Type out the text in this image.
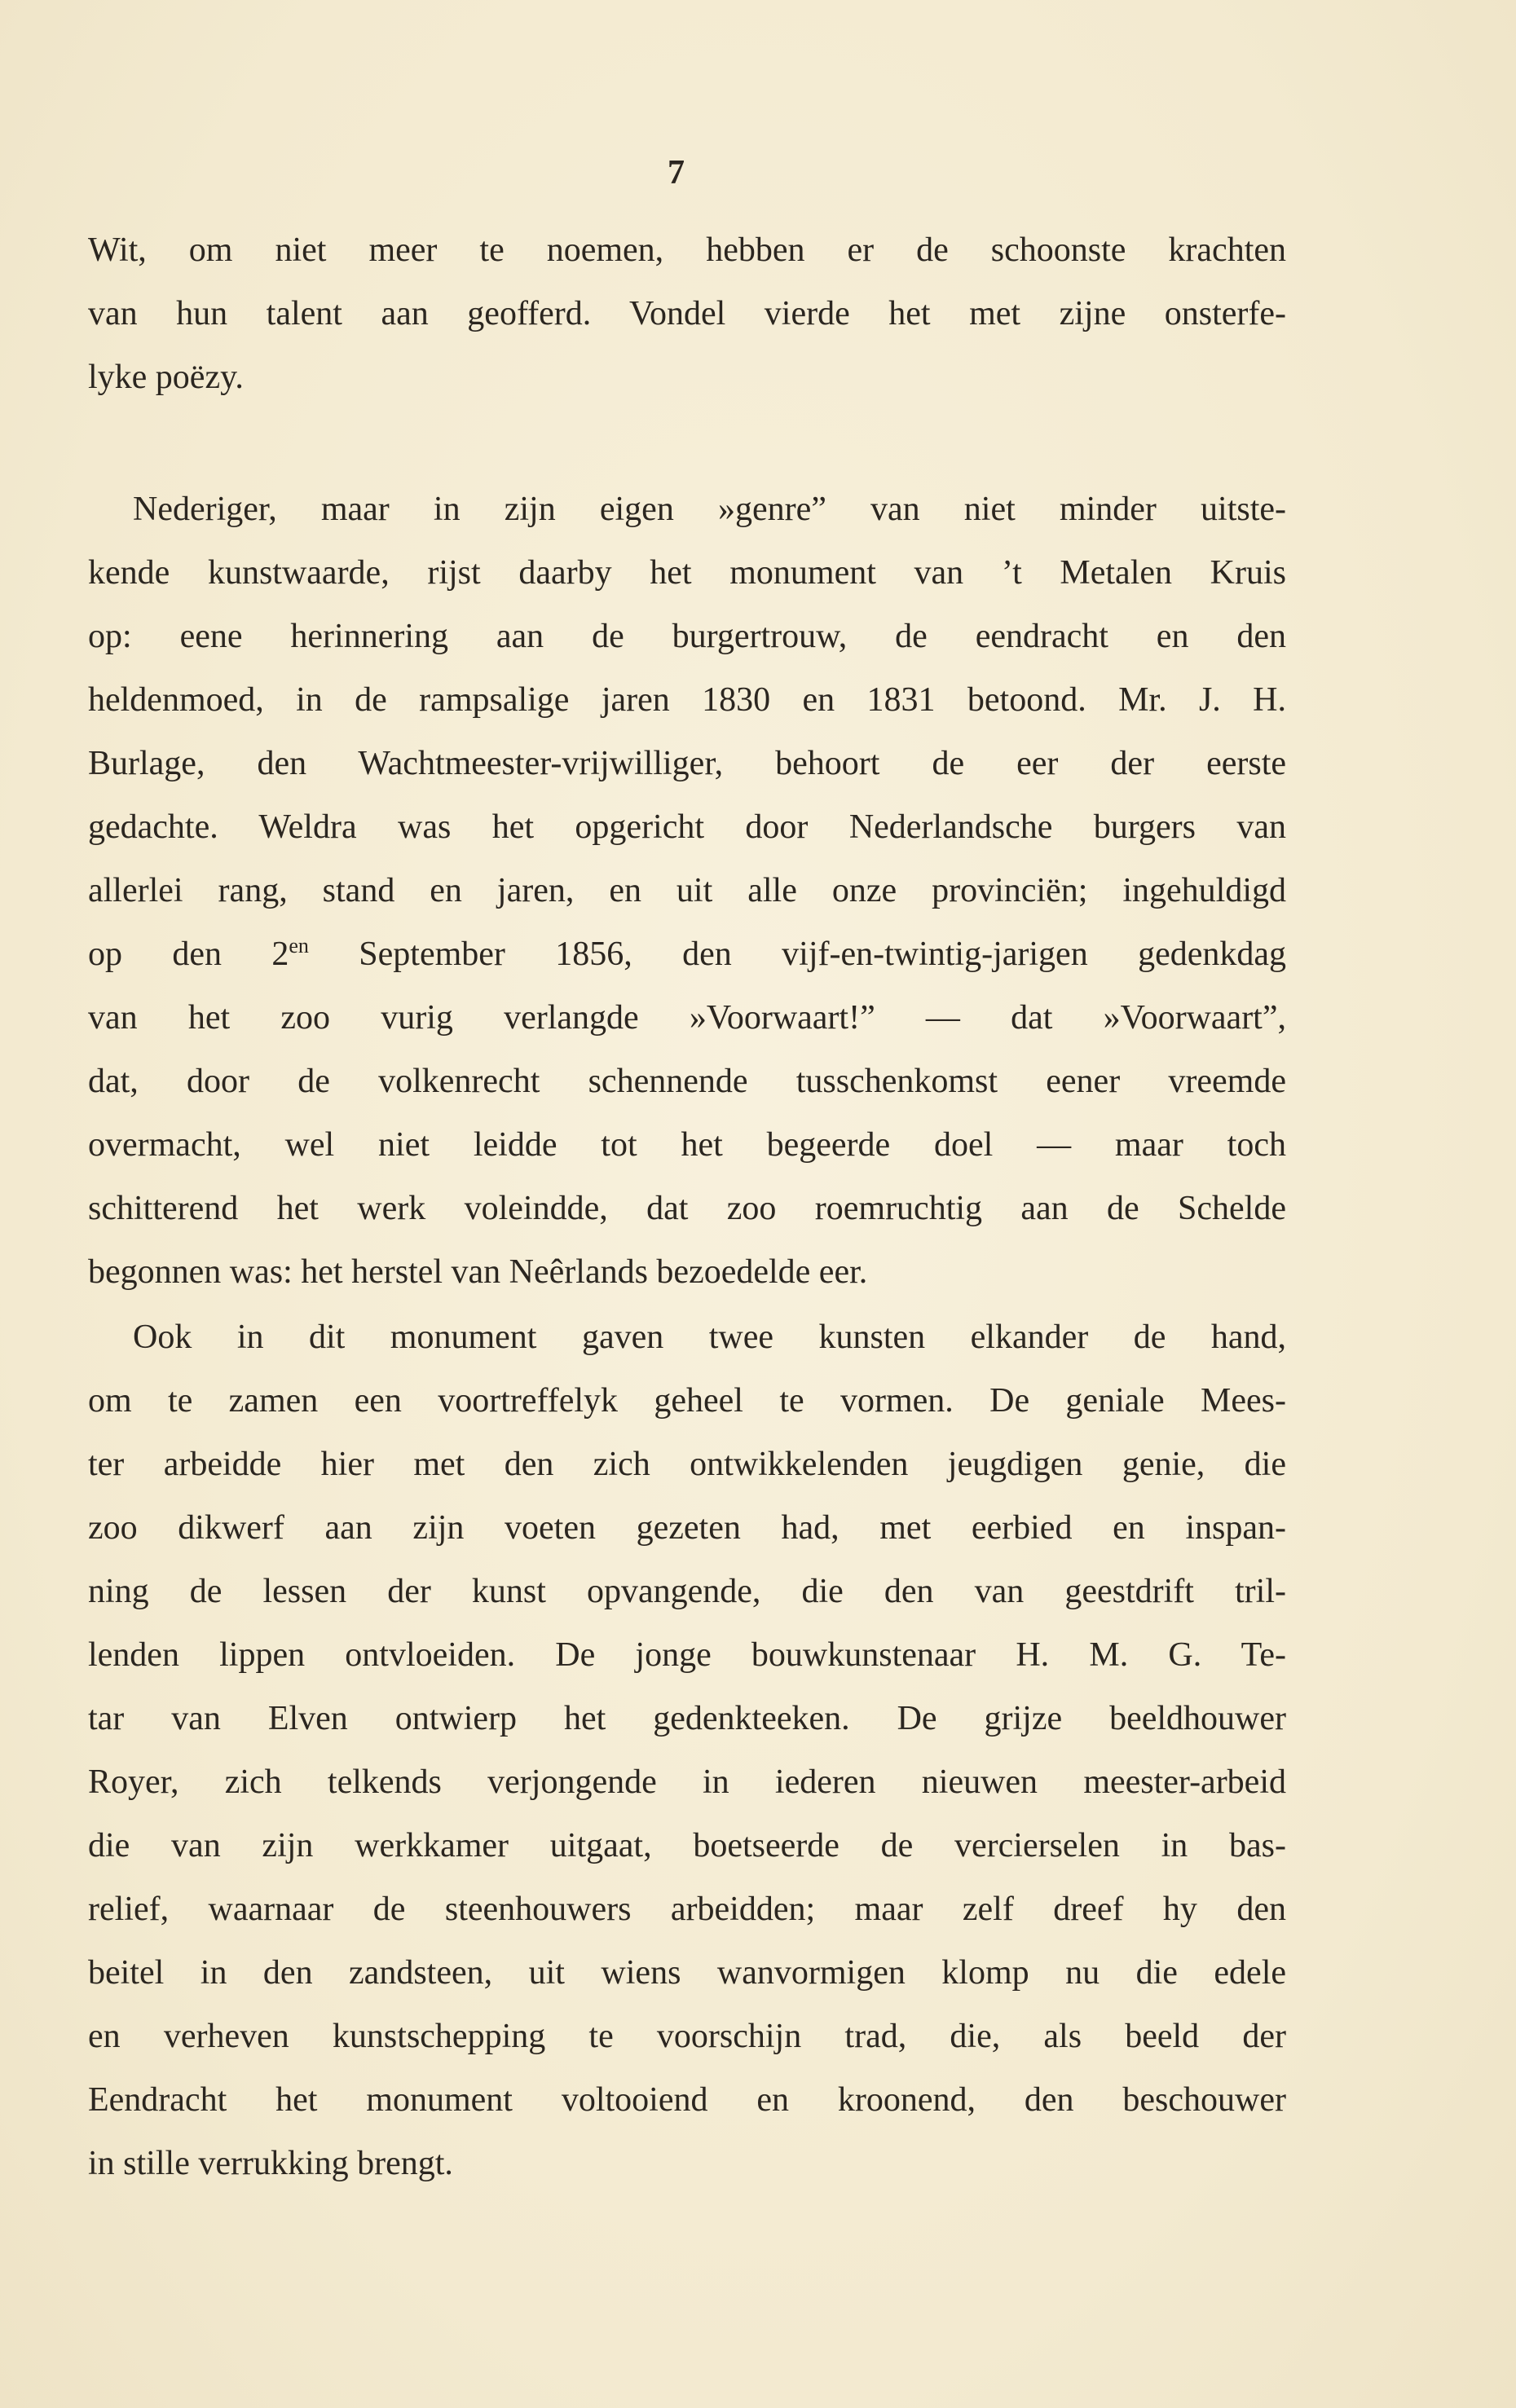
7
Wit, om niet meer te noemen, hebben er de schoonste krachten
van hun talent aan geofferd. Vondel vierde het met zijne onsterfe-
lyke poëzy.
Nederiger, maar in zijn eigen »genre” van niet minder uitste-
kende kunstwaarde, rijst daarby het monument van ’t Metalen Kruis
op: eene herinnering aan de burgertrouw, de eendracht en den
heldenmoed, in de rampsalige jaren 1830 en 1831 betoond. Mr. J. H.
Burlage, den Wachtmeester-vrijwilliger, behoort de eer der eerste
gedachte. Weldra was het opgericht door Nederlandsche burgers van
allerlei rang, stand en jaren, en uit alle onze provinciën; ingehuldigd
op den $2^{en}$ September 1856, den vijf-en-twintig-jarigen gedenkdag
van het zoo vurig verlangde »Voorwaart!” — dat »Voorwaart”,
dat, door de volkenrecht schennende tusschenkomst eener vreemde
overmacht, wel niet leidde tot het begeerde doel — maar toch
schitterend het werk voleindde, dat zoo roemruchtig aan de Schelde
begonnen was: het herstel van Neêrlands bezoedelde eer.
Ook in dit monument gaven twee kunsten elkander de hand,
om te zamen een voortreffelyk geheel te vormen. De geniale Mees-
ter arbeidde hier met den zich ontwikkelenden jeugdigen genie, die
zoo dikwerf aan zijn voeten gezeten had, met eerbied en inspan-
ning de lessen der kunst opvangende, die den van geestdrift tril-
lenden lippen ontvloeiden. De jonge bouwkunstenaar H. M. G. Te-
tar van Elven ontwierp het gedenkteeken. De grijze beeldhouwer
Royer, zich telkends verjongende in iederen nieuwen meester-arbeid
die van zijn werkkamer uitgaat, boetseerde de vercierselen in bas-
relief, waarnaar de steenhouwers arbeidden; maar zelf dreef hy den
beitel in den zandsteen, uit wiens wanvormigen klomp nu die edele
en verheven kunstschepping te voorschijn trad, die, als beeld der
Eendracht het monument voltooiend en kroonend, den beschouwer
in stille verrukking brengt.
